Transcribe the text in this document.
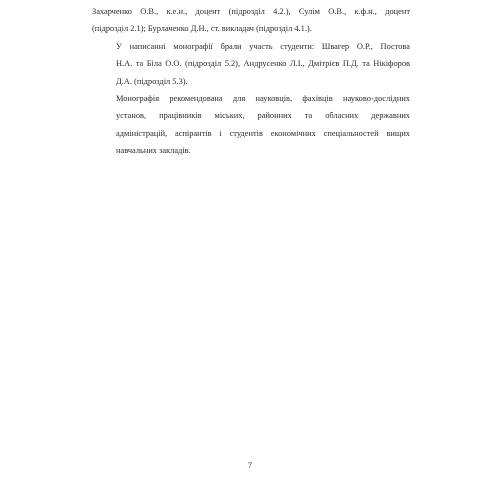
Захарченко О.В., к.е.н., доцент (підрозділ 4.2.), Сулім О.В., к.ф.н., доцент
(підрозділ 2.1); Бурлаченко Д.Н., ст. викладач (підрозділ 4.1.).

У написанні монографії брали участь студенти: Швагер О.Р., Постова
Н.А. та Біла О.О. (підрозділ 5.2), Андрусенко Л.І., Дмітрієв П.Д. та Нікіфоров
Д.А. (підрозділ 5.3).

Монографія рекомендована для науковців, фахівців науково-дослідних
установ, працівників міських, районних та обласних державних
адміністрацій, аспірантів і студентів економічних спеціальностей вищих
навчальних закладів.

7
